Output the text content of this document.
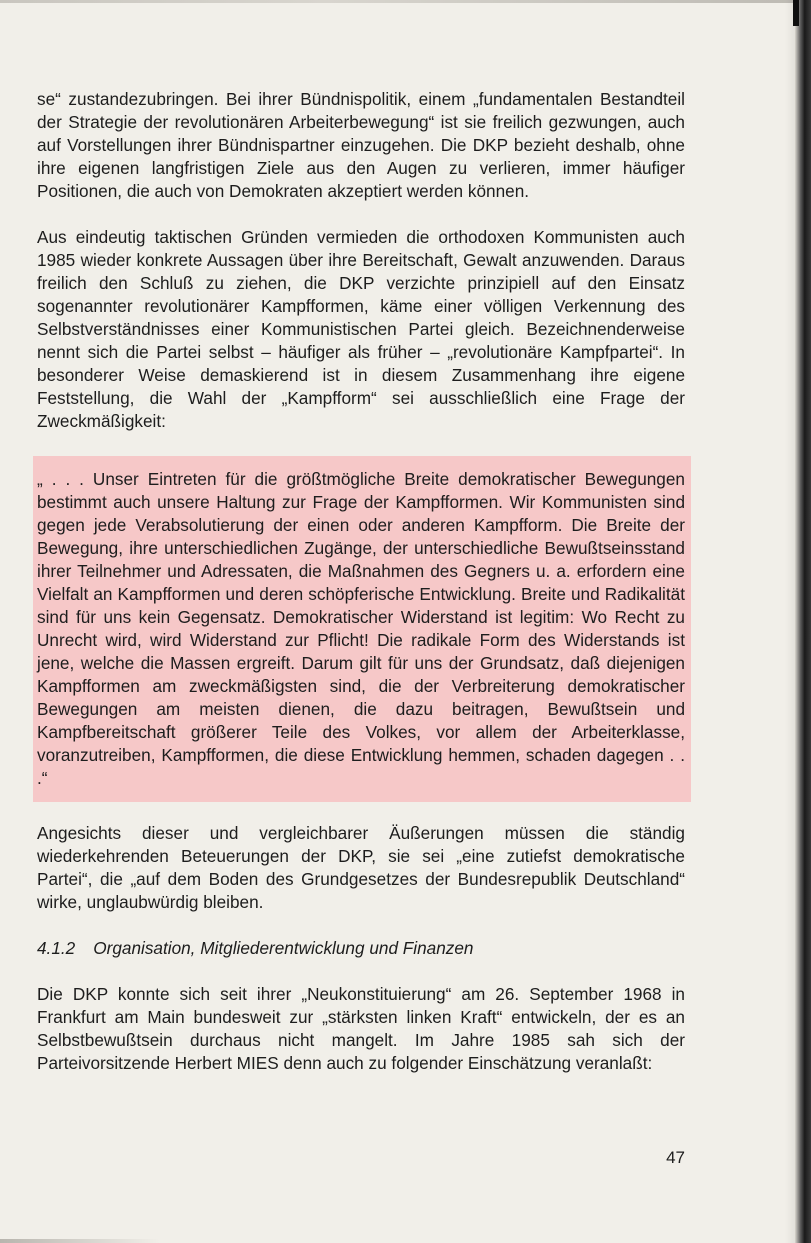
se“ zustandezubringen. Bei ihrer Bündnispolitik, einem „fundamentalen Bestandteil der Strategie der revolutionären Arbeiterbewegung“ ist sie freilich gezwungen, auch auf Vorstellungen ihrer Bündnispartner einzugehen. Die DKP bezieht deshalb, ohne ihre eigenen langfristigen Ziele aus den Augen zu verlieren, immer häufiger Positionen, die auch von Demokraten akzeptiert werden können.

Aus eindeutig taktischen Gründen vermieden die orthodoxen Kommunisten auch 1985 wieder konkrete Aussagen über ihre Bereitschaft, Gewalt anzuwenden. Daraus freilich den Schluß zu ziehen, die DKP verzichte prinzipiell auf den Einsatz sogenannter revolutionärer Kampfformen, käme einer völligen Verkennung des Selbstverständnisses einer Kommunistischen Partei gleich. Bezeichnenderweise nennt sich die Partei selbst – häufiger als früher – „revolutionäre Kampfpartei“. In besonderer Weise demaskierend ist in diesem Zusammenhang ihre eigene Feststellung, die Wahl der „Kampfform“ sei ausschließlich eine Frage der Zweckmäßigkeit:

„ . . . Unser Eintreten für die größtmögliche Breite demokratischer Bewegungen bestimmt auch unsere Haltung zur Frage der Kampfformen. Wir Kommunisten sind gegen jede Verabsolutierung der einen oder anderen Kampfform. Die Breite der Bewegung, ihre unterschiedlichen Zugänge, der unterschiedliche Bewußtseinsstand ihrer Teilnehmer und Adressaten, die Maßnahmen des Gegners u. a. erfordern eine Vielfalt an Kampfformen und deren schöpferische Entwicklung. Breite und Radikalität sind für uns kein Gegensatz. Demokratischer Widerstand ist legitim: Wo Recht zu Unrecht wird, wird Widerstand zur Pflicht! Die radikale Form des Widerstands ist jene, welche die Massen ergreift. Darum gilt für uns der Grundsatz, daß diejenigen Kampfformen am zweckmäßigsten sind, die der Verbreiterung demokratischer Bewegungen am meisten dienen, die dazu beitragen, Bewußtsein und Kampfbereitschaft größerer Teile des Volkes, vor allem der Arbeiterklasse, voranzutreiben, Kampfformen, die diese Entwicklung hemmen, schaden dagegen . . .“

Angesichts dieser und vergleichbarer Äußerungen müssen die ständig wiederkehrenden Beteuerungen der DKP, sie sei „eine zutiefst demokratische Partei“, die „auf dem Boden des Grundgesetzes der Bundesrepublik Deutschland“ wirke, unglaubwürdig bleiben.

4.1.2 Organisation, Mitgliederentwicklung und Finanzen

Die DKP konnte sich seit ihrer „Neukonstituierung“ am 26. September 1968 in Frankfurt am Main bundesweit zur „stärksten linken Kraft“ entwickeln, der es an Selbstbewußtsein durchaus nicht mangelt. Im Jahre 1985 sah sich der Parteivorsitzende Herbert MIES denn auch zu folgender Einschätzung veranlaßt:

47
